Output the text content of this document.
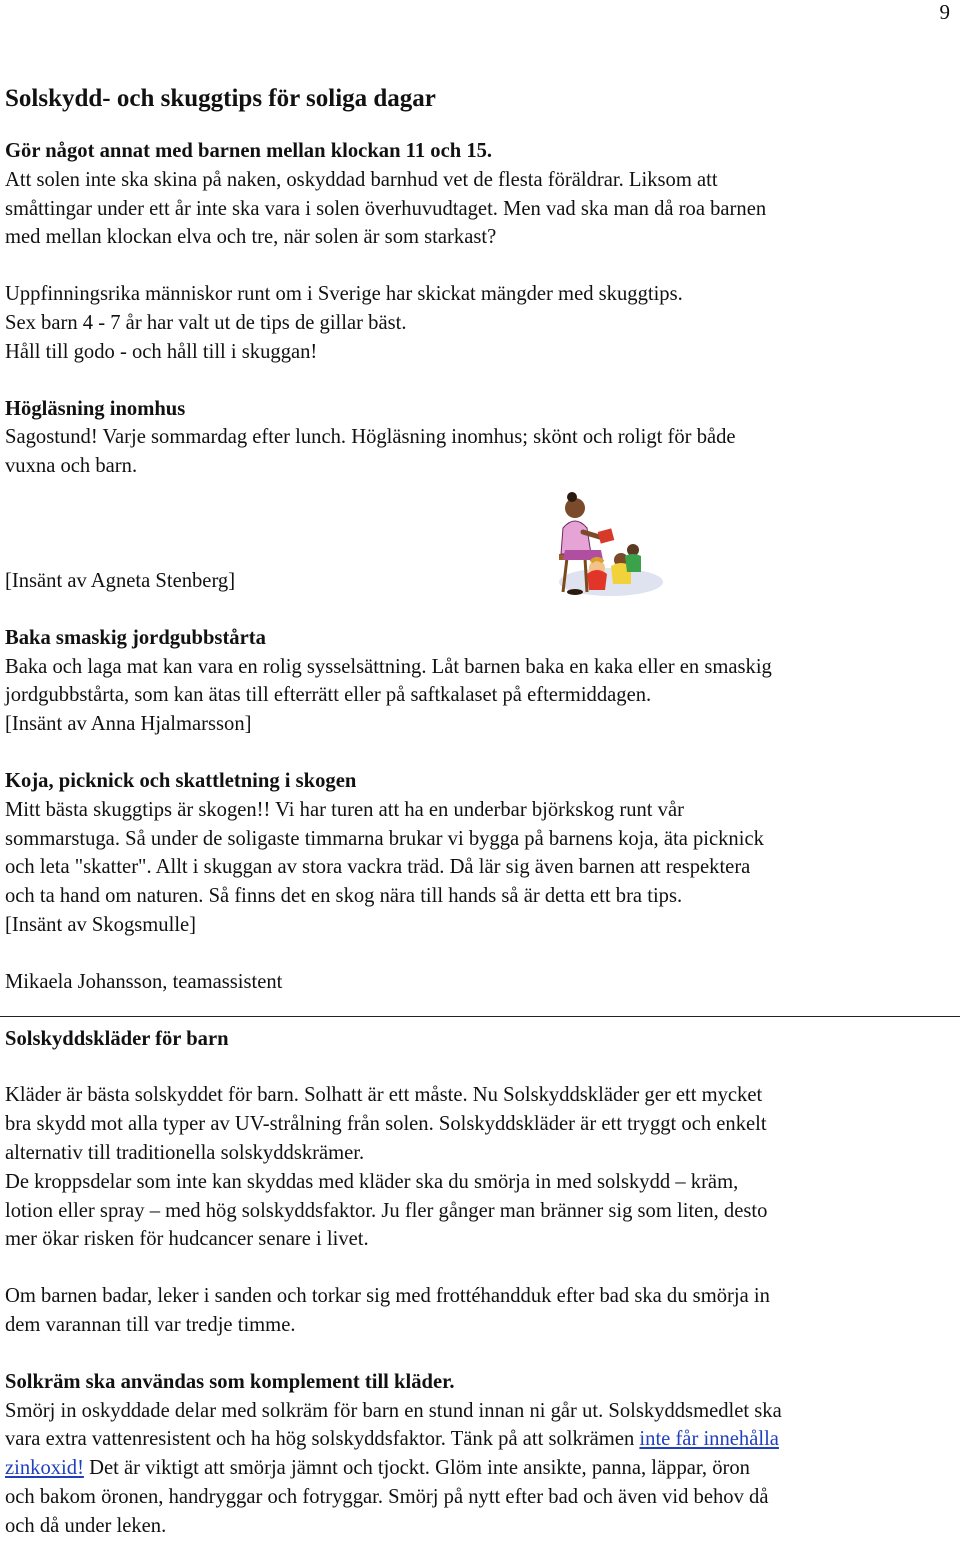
9

Solskydd- och skuggtips för soliga dagar

Gör något annat med barnen mellan klockan 11 och 15.

Att solen inte ska skina på naken, oskyddad barnhud vet de flesta föräldrar. Liksom att

småttingar under ett år inte ska vara i solen överhuvudtaget. Men vad ska man då roa barnen

med mellan klockan elva och tre, när solen är som starkast?

Uppfinningsrika människor runt om i Sverige har skickat mängder med skuggtips.

Sex barn 4 - 7 år har valt ut de tips de gillar bäst.

Håll till godo - och håll till i skuggan!

Högläsning inomhus

Sagostund! Varje sommardag efter lunch. Högläsning inomhus; skönt och roligt för både

vuxna och barn.

[Insänt av Agneta Stenberg]

Baka smaskig jordgubbstårta

Baka och laga mat kan vara en rolig sysselsättning. Låt barnen baka en kaka eller en smaskig

jordgubbstårta, som kan ätas till efterrätt eller på saftkalaset på eftermiddagen.

[Insänt av Anna Hjalmarsson]

Koja, picknick och skattletning i skogen

Mitt bästa skuggtips är skogen!! Vi har turen att ha en underbar björkskog runt vår

sommarstuga. Så under de soligaste timmarna brukar vi bygga på barnens koja, äta picknick

och leta "skatter". Allt i skuggan av stora vackra träd. Då lär sig även barnen att respektera

och ta hand om naturen. Så finns det en skog nära till hands så är detta ett bra tips.

[Insänt av Skogsmulle]

Mikaela Johansson, teamassistent

Solskyddskläder för barn

Kläder är bästa solskyddet för barn. Solhatt är ett måste. Nu Solskyddskläder ger ett mycket

bra skydd mot alla typer av UV-strålning från solen. Solskyddskläder är ett tryggt och enkelt

alternativ till traditionella solskyddskrämer.

De kroppsdelar som inte kan skyddas med kläder ska du smörja in med solskydd – kräm,

lotion eller spray – med hög solskyddsfaktor. Ju fler gånger man bränner sig som liten, desto

mer ökar risken för hudcancer senare i livet.

Om barnen badar, leker i sanden och torkar sig med frottéhandduk efter bad ska du smörja in

dem varannan till var tredje timme.

Solkräm ska användas som komplement till kläder.

Smörj in oskyddade delar med solkräm för barn en stund innan ni går ut. Solskyddsmedlet ska

vara extra vattenresistent och ha hög solskyddsfaktor. Tänk på att solkrämen inte får innehålla

zinkoxid! Det är viktigt att smörja jämnt och tjockt. Glöm inte ansikte, panna, läppar, öron

och bakom öronen, handryggar och fotryggar. Smörj på nytt efter bad och även vid behov då

och då under leken.
